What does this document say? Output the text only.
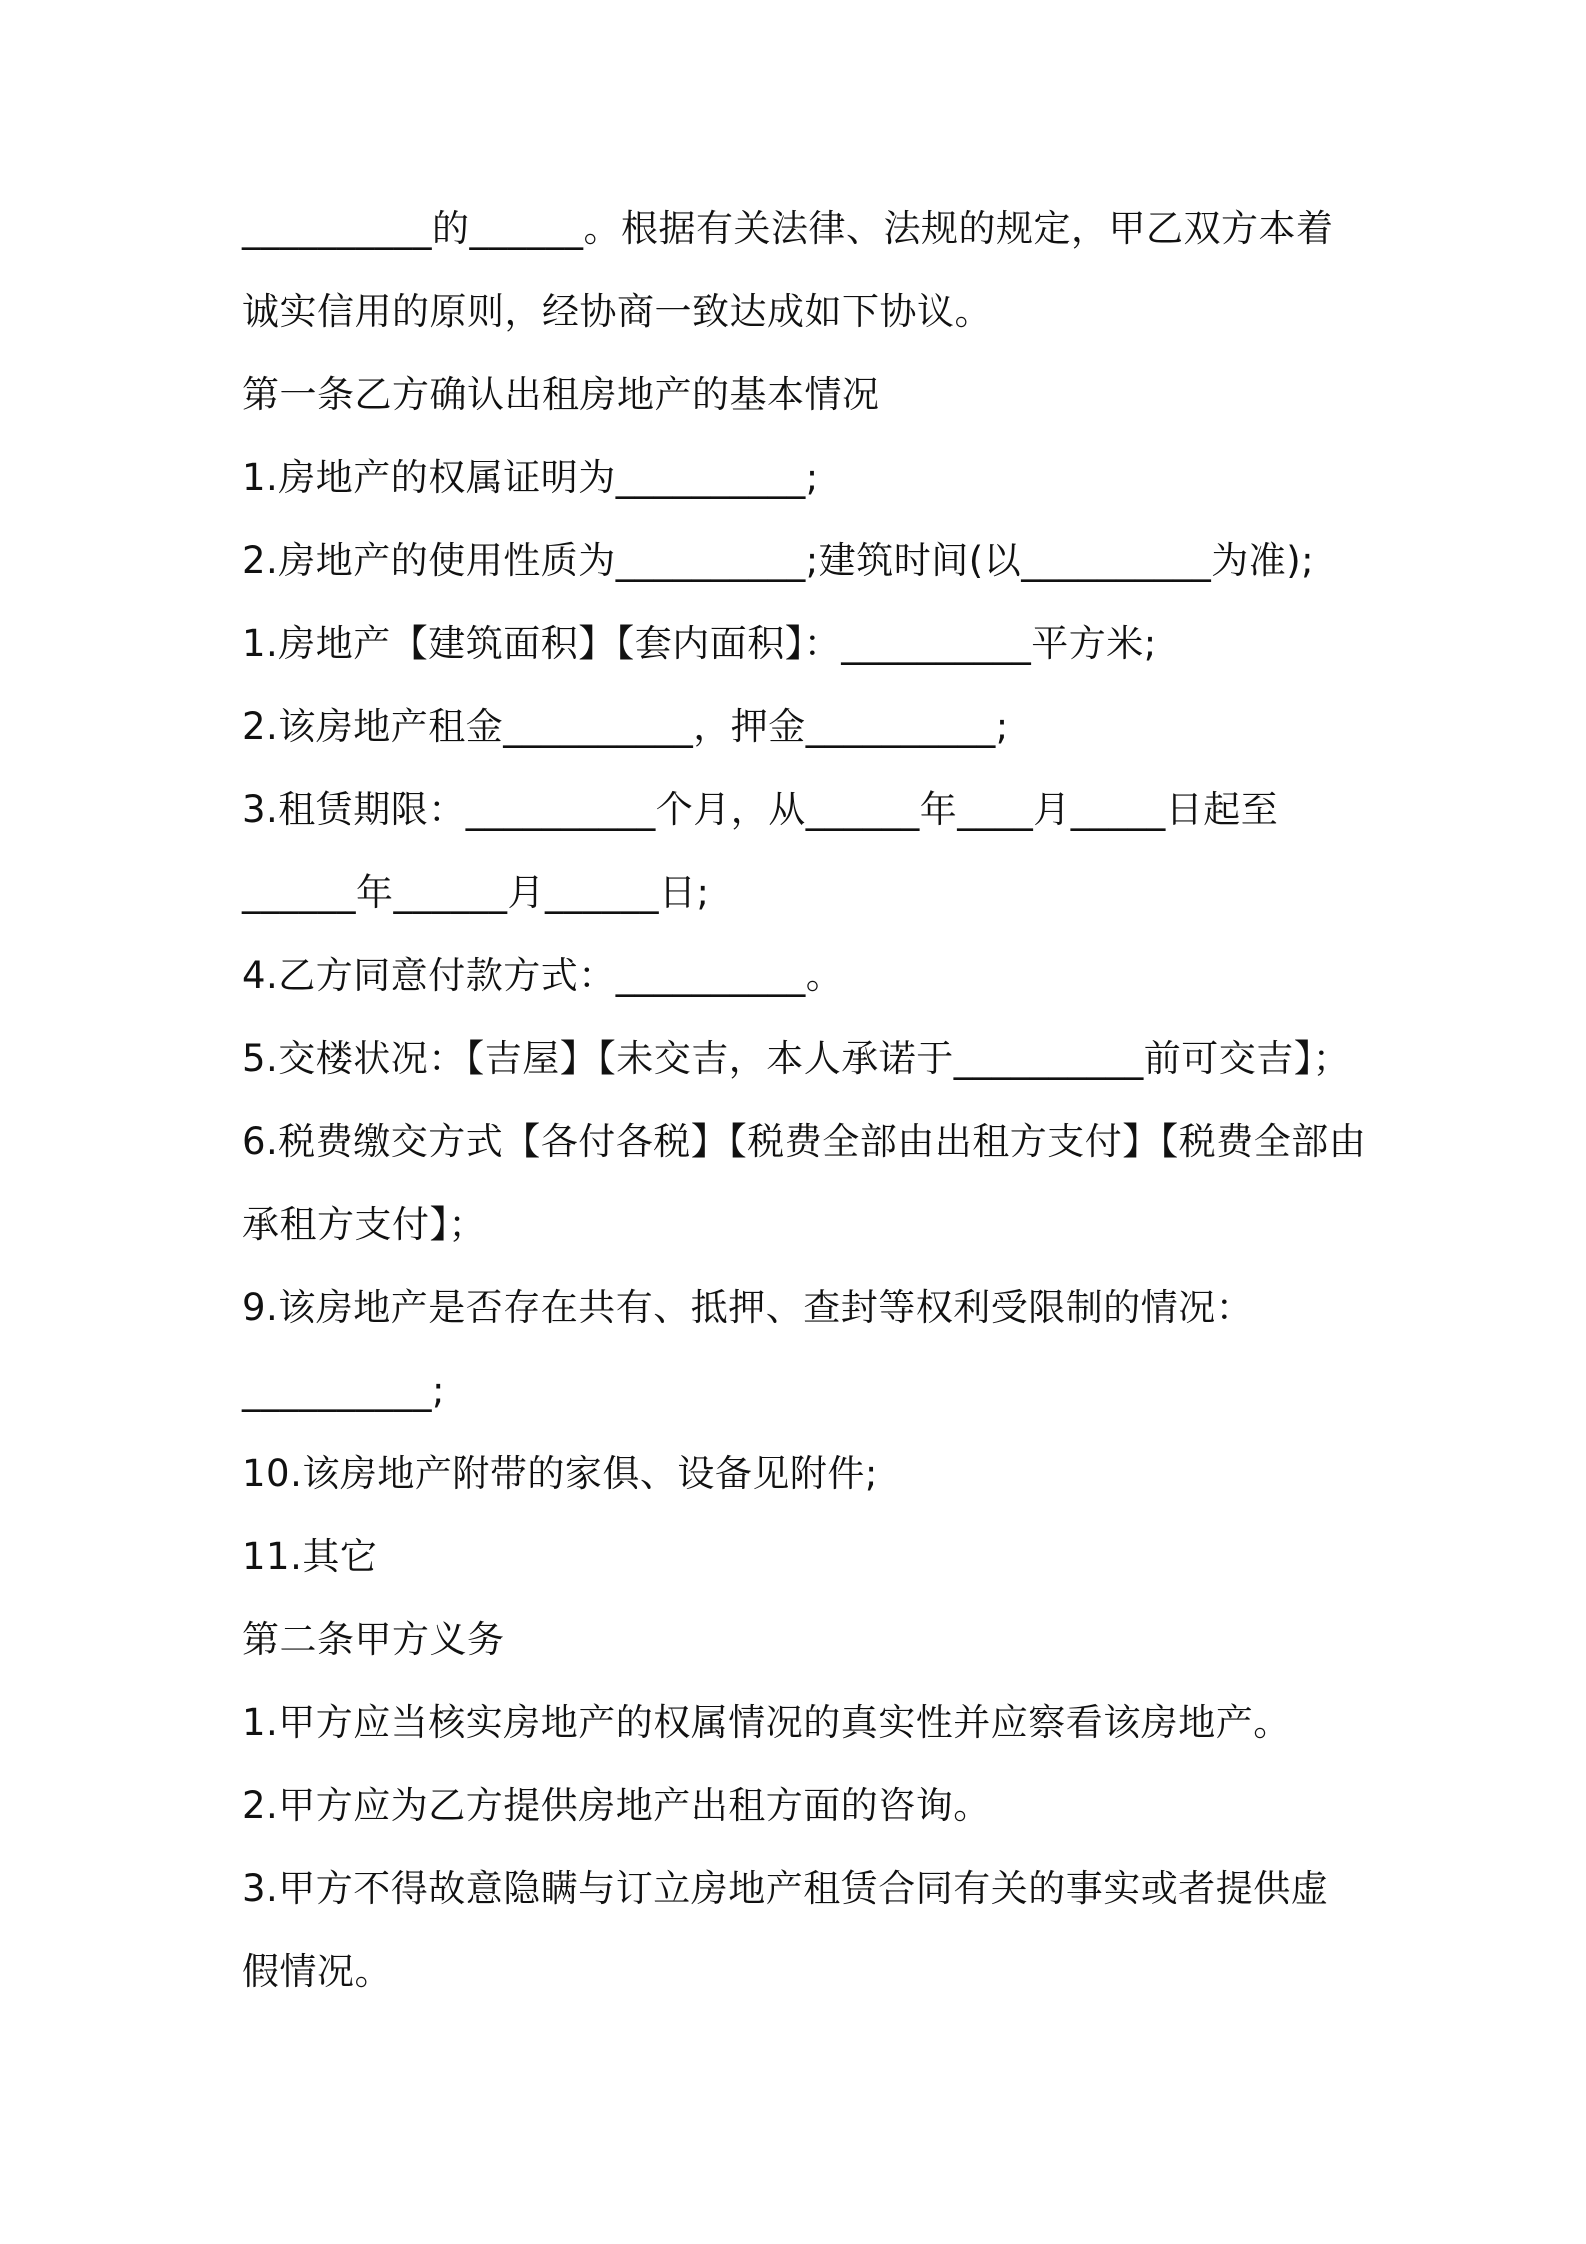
__________的______。根据有关法律、法规的规定，甲乙双方本着
诚实信用的原则，经协商一致达成如下协议。
第一条乙方确认出租房地产的基本情况
1.房地产的权属证明为__________;
2.房地产的使用性质为__________;建筑时间(以__________为准);
1.房地产【建筑面积】【套内面积】：__________平方米;
2.该房地产租金__________，押金__________;
3.租赁期限：__________个月，从______年____月_____日起至
______年______月______日;
4.乙方同意付款方式：__________。
5.交楼状况：【吉屋】【未交吉，本人承诺于__________前可交吉】；
6.税费缴交方式【各付各税】【税费全部由出租方支付】【税费全部由
承租方支付】；
9.该房地产是否存在共有、抵押、查封等权利受限制的情况：
__________;
10.该房地产附带的家俱、设备见附件;
11.其它
第二条甲方义务
1.甲方应当核实房地产的权属情况的真实性并应察看该房地产。
2.甲方应为乙方提供房地产出租方面的咨询。
3.甲方不得故意隐瞒与订立房地产租赁合同有关的事实或者提供虚
假情况。
